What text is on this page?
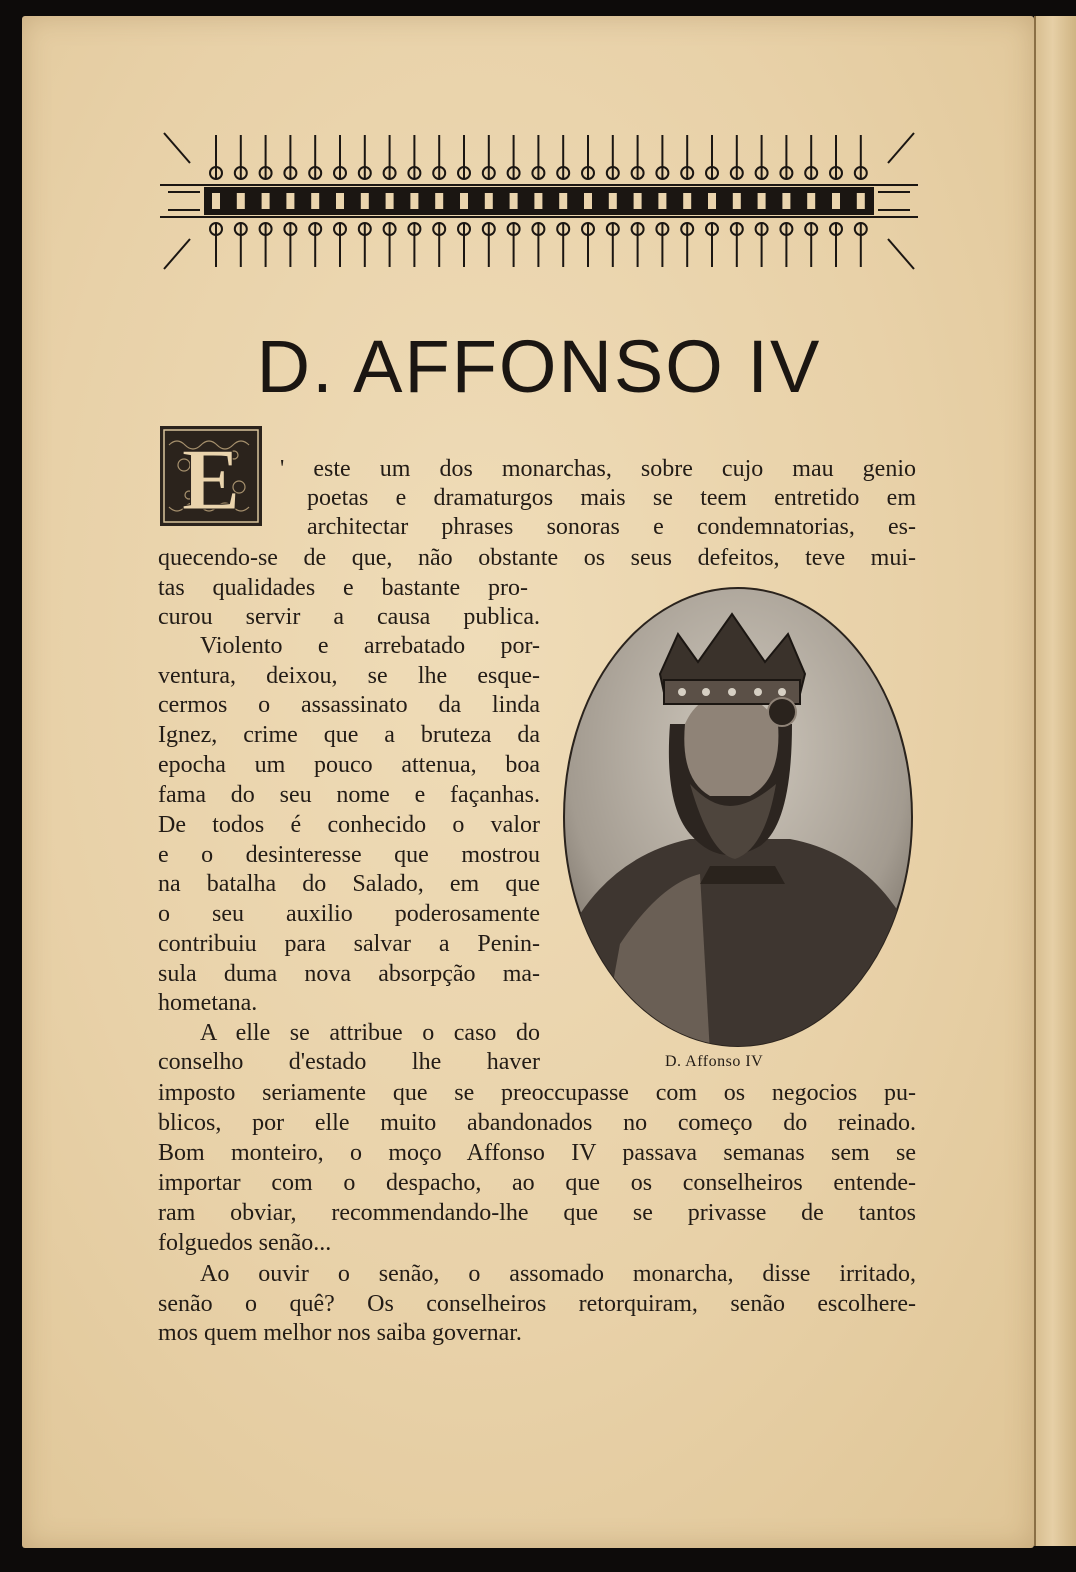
D. AFFONSO IV
E ' este um dos monarchas, sobre cujo mau genio
poetas e dramaturgos mais se teem entretido em
architectar phrases sonoras e condemnatorias, es-
quecendo-se de que, não obstante os seus defeitos, teve mui-
tas qualidades e bastante pro-
curou servir a causa publica.
Violento e arrebatado por-
ventura, deixou, se lhe esque-
cermos o assassinato da linda
Ignez, crime que a bruteza da
epocha um pouco attenua, boa
fama do seu nome e façanhas.
De todos é conhecido o valor
e o desinteresse que mostrou
na batalha do Salado, em que
o seu auxilio poderosamente
contribuiu para salvar a Penin-
sula duma nova absorpção ma-
hometana.
A elle se attribue o caso do
conselho d'estado lhe haver
imposto seriamente que se preoccupasse com os negocios pu-
blicos, por elle muito abandonados no começo do reinado.
Bom monteiro, o moço Affonso IV passava semanas sem se
importar com o despacho, ao que os conselheiros entende-
ram obviar, recommendando-lhe que se privasse de tantos
folguedos senão...
Ao ouvir o senão, o assomado monarcha, disse irritado,
senão o quê? Os conselheiros retorquiram, senão escolhere-
mos quem melhor nos saiba governar.
D. Affonso IV
